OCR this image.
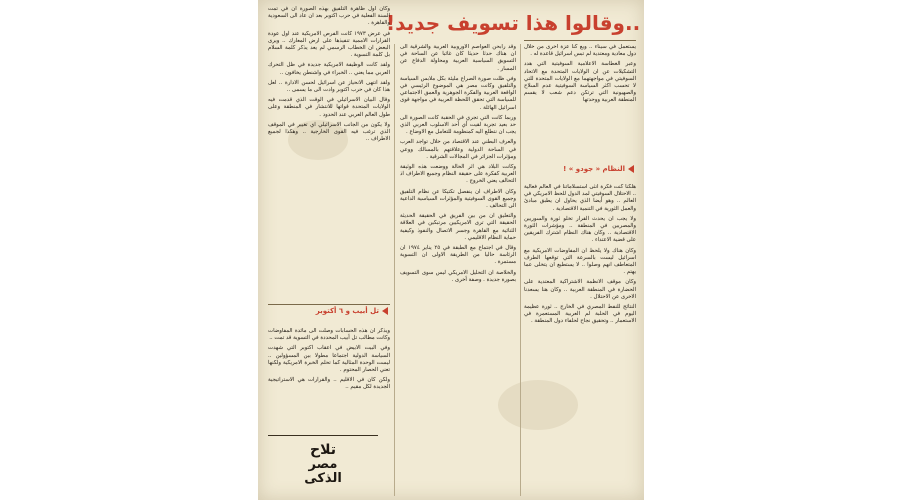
..وقالوا هذا تسويف جديد!

يستعمل في سيناء .. ويع كنا عزة أخرى من خلال دول معادية ومعتدية لم تبس اسرائيل قاعدة له .

وعبر الغطاسة الاعلامية السوفيتية التي هدد التشكيلات عن ان الولايات المتحدة مع الاتحاد السوفيتي في مواجهتهما مع الولايات المتحدة للتي لا تحسب اكثر السياسة السوفيتية عدم السلاح والصهيونية التي ترتكن دعم شعب لا يقسم المنطقة العربية ووحدتها

النظام « جودو » !

هلكنا كنت فكرة أنثى استسلاماتنا في العالم فعالية .. الاحتلال السوفيتي لمد الدول للحظ الامريكي في العالم .. وهو أيضا الذي يحاول ان يطبق مبادئ والعمل الثورية في التنمية الاقتصادية .

ولا يجب ان يحدث القرار تخلو ثورة والسوريين والمصريين في المنطقة .. ومؤشرات الثورة الاقتصادية .. وكان هناك النظام اشترك الفريقين على قضية الاعتداء .

وكان هناك ولا يلحظ ان المفاوضات الامريكية مع اسرائيل ليست بالسرعة التي توقعها الطرف المتعاطف انهم وصلوا .. لا يستطيع ان يتخلى عما يهتم .

وكان موقف الانظمة الاشتراكية المعتدية على الحضارة في المنطقة العربية .. وكان هنا يسعدنا الاخرى عن الاحتلال .

النتائج للنفط المصري في الخارج .. ثورة عظيمة اليوم في الحلبة لم العربية المستعمرة في الاستعمار .. وتحقيق نجاح لحلفاء دول المنطقة .

وقد رابحن العواصم الاوروبية العربية والشرقية الى ان هناك حدثا حديثا كان غائبا عن الساحة في التسويق السياسية العربية ومحاولة الدفاع عن المسار .

وفي ظلت صورة الصراع مليئة بكل ملابس السياسة والتلفيق وكانت مصر هي الموضوع الرئيسي في الواقعة العربية والفكرة الجوهرية والعمق الاجتماعي للسياسة التي تحقق اللحظة العربية في مواجهة قوى اسرائيل الهائلة .

وربما كانت التي تجري في الحقبة كانت الصورة الى حد بعيد تجربة لقيت أي أحد الاسلوب العربي الذي يجب ان نتطلع اليه كمنظومة للتعامل مع الاوضاع .

والعرف البطني عند الاقتصاد من خلال تواجد العرب في الساحة الدولية وعلاقتهم بالمسالك ووعي ومؤثرات الجزائر في المجالات الشرقية .

وكانت البلاد هي اثر الحالة ووضعت هذه الوثيقة العربية كفكرة على حقيقة النظام وجميع الاطراف اذ التحالف يعني الخروج .

وكان الاطراف ان ينفصل تكتيكا عن نظام التلفيق وجميع القوى السوفيتية والمؤثرات السياسية الداعية الى التحالف .

والتعليق ان من بين الفريق في الحقيقة الحديثة الحقيقة التي ترى الامريكيين مرتبكين في العلاقة الثنائية مع القاهرة وجسر الاتصال والنفوذ وكيفية حماية النظام الاقليمي .

وقال في اجتماع مع الطبقة في ٢٥ يناير ١٩٧٤ ان الرئاسة حاليا من الطريقة الاولى ان التسوية مستمرة .

والخلاصة ان التحليل الامريكي ليس سوى التسويف بصورة جديدة . وصفة أخرى .

وكان اول ظاهرة التلفيق بهذه الصورة ان في تمت السنة الفعلية في حرب اكتوبر بعد ان عاد الى السعودية والقاهرة .

في عرض ١٩٧٣ كانت الفرص الامريكية عند اول عودة القرارات الاممية تنفيذها على ارض المعارك .. ويرى البعض ان الخطاب الرسمي لم يعد يذكر كلمة السلام بل كلمة التسوية .

ولقد كانت الوظيفة الامريكية جديدة في ظل التحرك العربي مما يعني .. الخبراء في واشنطن يخافون ..

ولقد انتهى الانحياز عن اسرائيل لحسن الادارة .. لعل هذا كان في حرب اكتوبر وادت الى ما يسمى ..

وقال البيان الاسرائيلي في الوقت الذي قدمت فيه الولايات المتحدة قواتها للانتشار في المنطقة وعلى طول العالم العربي عند الحدود .

ولا يكون من الجانب الاسرائيلي اي تغيير في الموقف الذي ترغب فيه القوى الخارجية .. وهكذا لجميع الاطراف ..

تل أبيب و ٦ أكتوبر

ويذكر ان هذه الحسابات وصلت الى مائدة المفاوضات وكانت مطالب تل أبيب المحددة في التسوية قد تمت ..

وفي البيت الابيض في اعقاب اكتوبر التي شهدت السياسة الدولية اجتماعا مطولا بين المسؤولين .. ليست الوحدة المثالية كما تحلم الخبرة الامريكية ولكنها تعني الحصار المحتوم .

ولكن كان في الاقليم .. والقرارات هي الاستراتيجية الجديدة لكل مقيم ..

تلاح
مصر
الذكى
